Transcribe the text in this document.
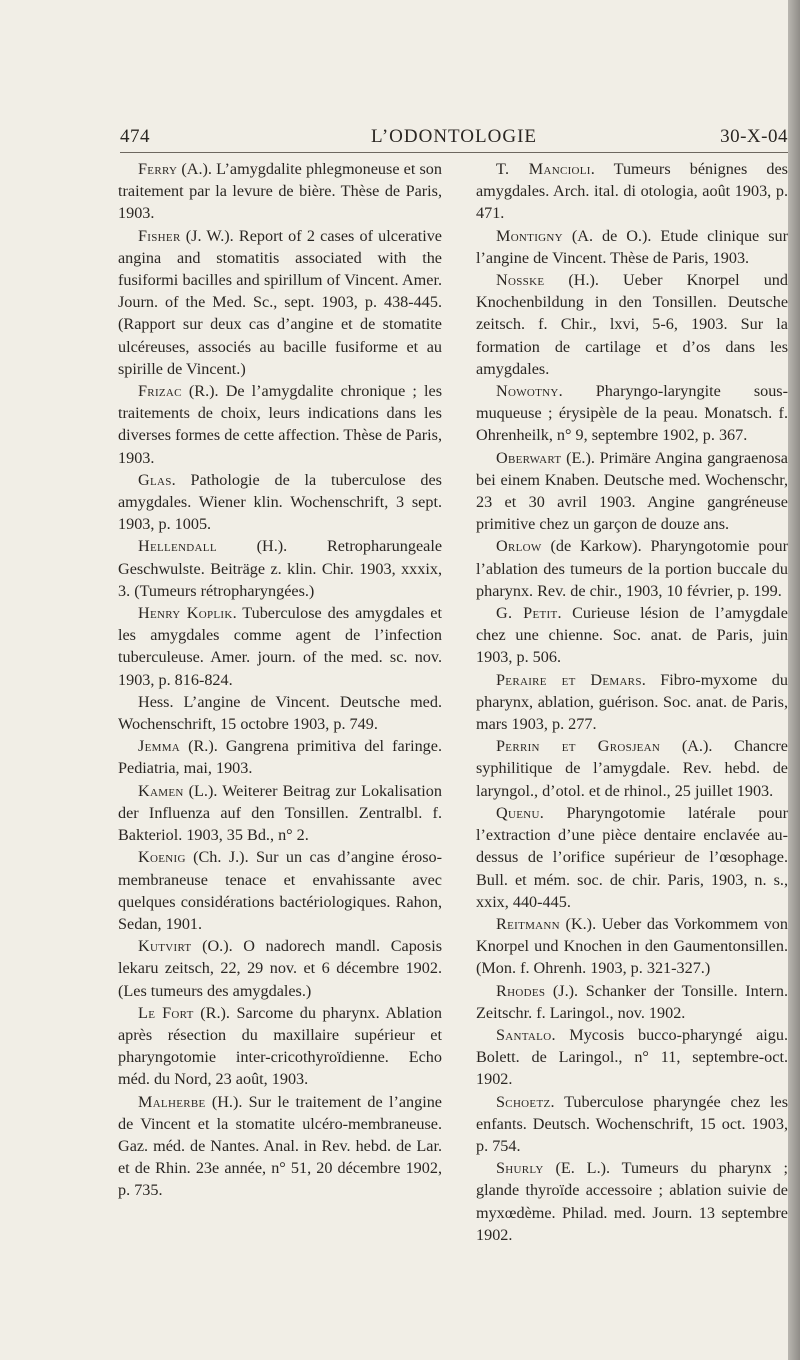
474	L’ODONTOLOGIE	30-X-04

Ferry (A.). L’amygdalite phlegmoneuse et son traitement par la levure de bière. Thèse de Paris, 1903.

Fisher (J. W.). Report of 2 cases of ulcerative angina and stomatitis associated with the fusiformi bacilles and spirillum of Vincent. Amer. Journ. of the Med. Sc., sept. 1903, p. 438-445. (Rapport sur deux cas d’angine et de stomatite ulcéreuses, associés au bacille fusiforme et au spirille de Vincent.)

Frizac (R.). De l’amygdalite chronique ; les traitements de choix, leurs indications dans les diverses formes de cette affection. Thèse de Paris, 1903.

Glas. Pathologie de la tuberculose des amygdales. Wiener klin. Wochenschrift, 3 sept. 1903, p. 1005.

Hellendall (H.). Retropharungeale Geschwulste. Beiträge z. klin. Chir. 1903, xxxix, 3. (Tumeurs rétropharyngées.)

Henry Koplik. Tuberculose des amygdales et les amygdales comme agent de l’infection tuberculeuse. Amer. journ. of the med. sc. nov. 1903, p. 816-824.

Hess. L’angine de Vincent. Deutsche med. Wochenschrift, 15 octobre 1903, p. 749.

Jemma (R.). Gangrena primitiva del faringe. Pediatria, mai, 1903.

Kamen (L.). Weiterer Beitrag zur Lokalisation der Influenza auf den Tonsillen. Zentralbl. f. Bakteriol. 1903, 35 Bd., n° 2.

Koenig (Ch. J.). Sur un cas d’angine éroso-membraneuse tenace et envahissante avec quelques considérations bactériologiques. Rahon, Sedan, 1901.

Kutvirt (O.). O nadorech mandl. Caposis lekaru zeitsch, 22, 29 nov. et 6 décembre 1902. (Les tumeurs des amygdales.)

Le Fort (R.). Sarcome du pharynx. Ablation après résection du maxillaire supérieur et pharyngotomie inter-cricothyroïdienne. Echo méd. du Nord, 23 août, 1903.

Malherbe (H.). Sur le traitement de l’angine de Vincent et la stomatite ulcéro-membraneuse. Gaz. méd. de Nantes. Anal. in Rev. hebd. de Lar. et de Rhin. 23e année, n° 51, 20 décembre 1902, p. 735.

T. Mancioli. Tumeurs bénignes des amygdales. Arch. ital. di otologia, août 1903, p. 471.

Montigny (A. de O.). Etude clinique sur l’angine de Vincent. Thèse de Paris, 1903.

Nosske (H.). Ueber Knorpel und Knochenbildung in den Tonsillen. Deutsche zeitsch. f. Chir., lxvi, 5-6, 1903. Sur la formation de cartilage et d’os dans les amygdales.

Nowotny. Pharyngo-laryngite sous-muqueuse ; érysipèle de la peau. Monatsch. f. Ohrenheilk, n° 9, septembre 1902, p. 367.

Oberwart (E.). Primäre Angina gangraenosa bei einem Knaben. Deutsche med. Wochenschr, 23 et 30 avril 1903. Angine gangréneuse primitive chez un garçon de douze ans.

Orlow (de Karkow). Pharyngotomie pour l’ablation des tumeurs de la portion buccale du pharynx. Rev. de chir., 1903, 10 février, p. 199.

G. Petit. Curieuse lésion de l’amygdale chez une chienne. Soc. anat. de Paris, juin 1903, p. 506.

Peraire et Demars. Fibro-myxome du pharynx, ablation, guérison. Soc. anat. de Paris, mars 1903, p. 277.

Perrin et Grosjean (A.). Chancre syphilitique de l’amygdale. Rev. hebd. de laryngol., d’otol. et de rhinol., 25 juillet 1903.

Quenu. Pharyngotomie latérale pour l’extraction d’une pièce dentaire enclavée au-dessus de l’orifice supérieur de l’œsophage. Bull. et mém. soc. de chir. Paris, 1903, n. s., xxix, 440-445.

Reitmann (K.). Ueber das Vorkommem von Knorpel und Knochen in den Gaumentonsillen. (Mon. f. Ohrenh. 1903, p. 321-327.)

Rhodes (J.). Schanker der Tonsille. Intern. Zeitschr. f. Laringol., nov. 1902.

Santalo. Mycosis bucco-pharyngé aigu. Bolett. de Laringol., n° 11, septembre-oct. 1902.

Schoetz. Tuberculose pharyngée chez les enfants. Deutsch. Wochenschrift, 15 oct. 1903, p. 754.

Shurly (E. L.). Tumeurs du pharynx ; glande thyroïde accessoire ; ablation suivie de myxœdème. Philad. med. Journ. 13 septembre 1902.
